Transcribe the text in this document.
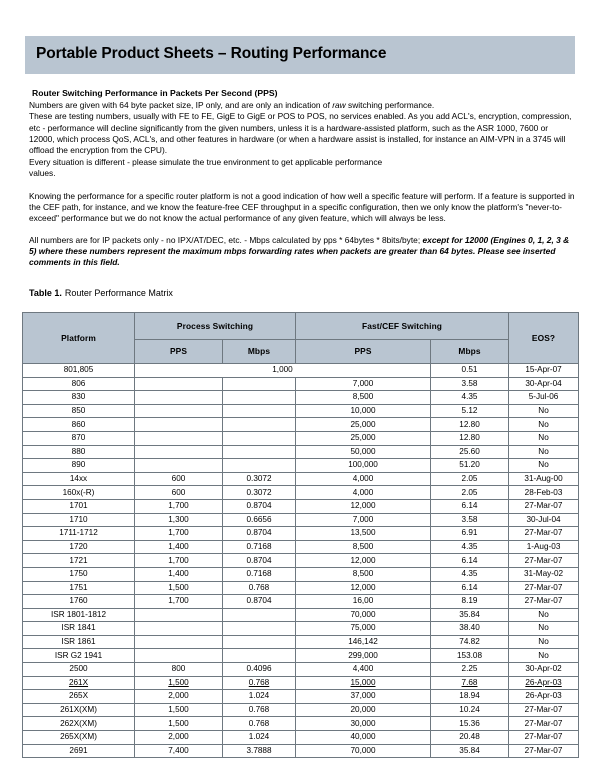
Portable Product Sheets – Routing Performance
Router Switching Performance in Packets Per Second (PPS)

Numbers are given with 64 byte packet size, IP only, and are only an indication of raw switching performance.

These are testing numbers, usually with FE to FE, GigE to GigE or POS to POS, no services enabled. As you add ACL's, encryption, compression, etc - performance will decline significantly from the given numbers, unless it is a hardware-assisted platform, such as the ASR 1000, 7600 or 12000, which process QoS, ACL's, and other features in hardware (or when a hardware assist is installed, for instance an AIM-VPN in a 3745 will offload the encryption from the CPU).

Every situation is different - please simulate the true environment to get applicable performance

values.

Knowing the performance for a specific router platform is not a good indication of how well a specific feature will perform. If a feature is supported in the CEF path, for instance, and we know the feature-free CEF throughput in a specific configuration, then we only know the platform's "never-to-exceed" performance but we do not know the actual performance of any given feature, which will always be less.

All numbers are for IP packets only - no IPX/AT/DEC, etc. - Mbps calculated by pps * 64bytes * 8bits/byte; except for 12000 (Engines 0, 1, 2, 3 & 5) where these numbers represent the maximum mbps forwarding rates when packets are greater than 64 bytes. Please see inserted comments in this field.

Table 1. Router Performance Matrix
Platform	Process Switching		Fast/CEF Switching		EOS?
	PPS	Mbps	PPS	Mbps	
801,805	1,000			0.51	15-Apr-07
806			7,000	3.58	30-Apr-04
830			8,500	4.35	5-Jul-06
850			10,000	5.12	No
860			25,000	12.80	No
870			25,000	12.80	No
880			50,000	25.60	No
890			100,000	51.20	No
14xx	600	0.3072	4,000	2.05	31-Aug-00
160x(-R)	600	0.3072	4,000	2.05	28-Feb-03
1701	1,700	0.8704	12,000	6.14	27-Mar-07
1710	1,300	0.6656	7,000	3.58	30-Jul-04
1711-1712	1,700	0.8704	13,500	6.91	27-Mar-07
1720	1,400	0.7168	8,500	4.35	1-Aug-03
1721	1,700	0.8704	12,000	6.14	27-Mar-07
1750	1,400	0.7168	8,500	4.35	31-May-02
1751	1,500	0.768	12,000	6.14	27-Mar-07
1760	1,700	0.8704	16,00	8.19	27-Mar-07
ISR 1801-1812			70,000	35.84	No
ISR 1841			75,000	38.40	No
ISR 1861			146,142	74.82	No
ISR G2 1941			299,000	153.08	No
2500	800	0.4096	4,400	2.25	30-Apr-02
261X	1,500	0.768	15,000	7.68	26-Apr-03
265X	2,000	1.024	37,000	18.94	26-Apr-03
261X(XM)	1,500	0.768	20,000	10.24	27-Mar-07
262X(XM)	1,500	0.768	30,000	15.36	27-Mar-07
265X(XM)	2,000	1.024	40,000	20.48	27-Mar-07
2691	7,400	3.7888	70,000	35.84	27-Mar-07
